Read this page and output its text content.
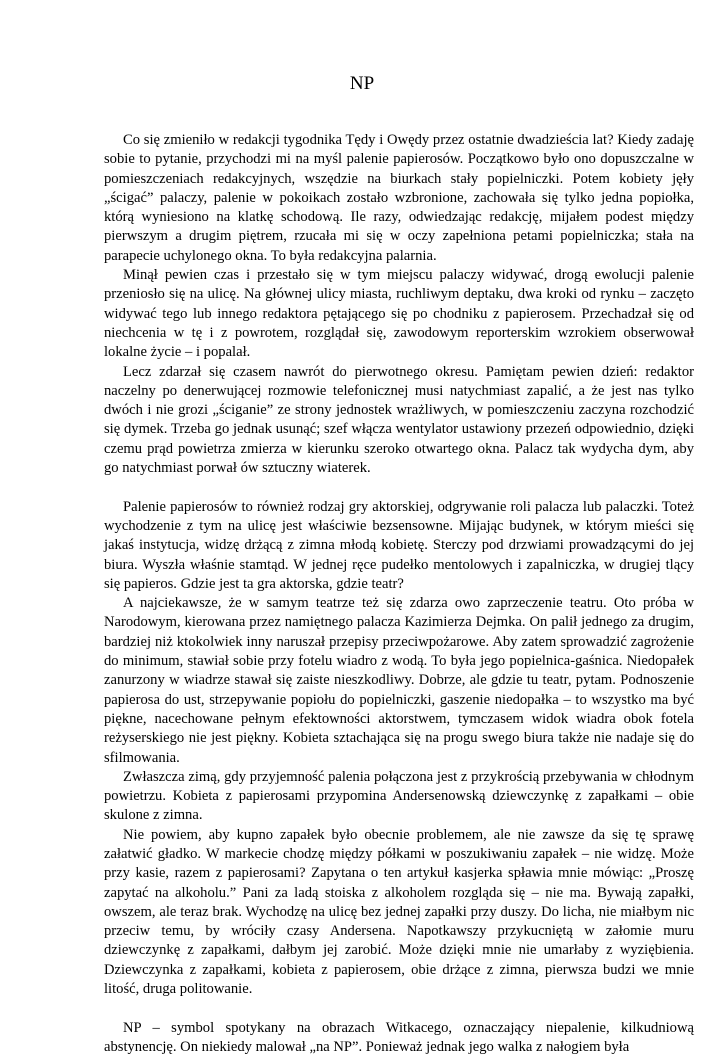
NP

Co się zmieniło w redakcji tygodnika Tędy i Owędy przez ostatnie dwadzieścia lat? Kiedy zadaję sobie to pytanie, przychodzi mi na myśl palenie papierosów. Początkowo było ono dopuszczalne w pomieszczeniach redakcyjnych, wszędzie na biurkach stały popielniczki. Potem kobiety jęły „ścigać” palaczy, palenie w pokoikach zostało wzbronione, zachowała się tylko jedna popiołka, którą wyniesiono na klatkę schodową. Ile razy, odwiedzając redakcję, mijałem podest między pierwszym a drugim piętrem, rzucała mi się w oczy zapełniona petami popielniczka; stała na parapecie uchylonego okna. To była redakcyjna palarnia.

Minął pewien czas i przestało się w tym miejscu palaczy widywać, drogą ewolucji palenie przeniosło się na ulicę. Na głównej ulicy miasta, ruchliwym deptaku, dwa kroki od rynku – zaczęto widywać tego lub innego redaktora pętającego się po chodniku z papierosem. Przechadzał się od niechcenia w tę i z powrotem, rozglądał się, zawodowym reporterskim wzrokiem obserwował lokalne życie – i popalał.

Lecz zdarzał się czasem nawrót do pierwotnego okresu. Pamiętam pewien dzień: redaktor naczelny po denerwującej rozmowie telefonicznej musi natychmiast zapalić, a że jest nas tylko dwóch i nie grozi „ściganie” ze strony jednostek wrażliwych, w pomieszczeniu zaczyna rozchodzić się dymek. Trzeba go jednak usunąć; szef włącza wentylator ustawiony przezeń odpowiednio, dzięki czemu prąd powietrza zmierza w kierunku szeroko otwartego okna. Palacz tak wydycha dym, aby go natychmiast porwał ów sztuczny wiaterek.

Palenie papierosów to również rodzaj gry aktorskiej, odgrywanie roli palacza lub palaczki. Toteż wychodzenie z tym na ulicę jest właściwie bezsensowne. Mijając budynek, w którym mieści się jakaś instytucja, widzę drżącą z zimna młodą kobietę. Sterczy pod drzwiami prowadzącymi do jej biura. Wyszła właśnie stamtąd. W jednej ręce pudełko mentolowych i zapalniczka, w drugiej tlący się papieros. Gdzie jest ta gra aktorska, gdzie teatr?

A najciekawsze, że w samym teatrze też się zdarza owo zaprzeczenie teatru. Oto próba w Narodowym, kierowana przez namiętnego palacza Kazimierza Dejmka. On palił jednego za drugim, bardziej niż ktokolwiek inny naruszał przepisy przeciwpożarowe. Aby zatem sprowadzić zagrożenie do minimum, stawiał sobie przy fotelu wiadro z wodą. To była jego popielnica-gaśnica. Niedopałek zanurzony w wiadrze stawał się zaiste nieszkodliwy. Dobrze, ale gdzie tu teatr, pytam. Podnoszenie papierosa do ust, strzepywanie popiołu do popielniczki, gaszenie niedopałka – to wszystko ma być piękne, nacechowane pełnym efektowności aktorstwem, tymczasem widok wiadra obok fotela reżyserskiego nie jest piękny. Kobieta sztachająca się na progu swego biura także nie nadaje się do sfilmowania.

Zwłaszcza zimą, gdy przyjemność palenia połączona jest z przykrością przebywania w chłodnym powietrzu. Kobieta z papierosami przypomina Andersenowską dziewczynkę z zapałkami – obie skulone z zimna.

Nie powiem, aby kupno zapałek było obecnie problemem, ale nie zawsze da się tę sprawę załatwić gładko. W markecie chodzę między półkami w poszukiwaniu zapałek – nie widzę. Może przy kasie, razem z papierosami? Zapytana o ten artykuł kasjerka spławia mnie mówiąc: „Proszę zapytać na alkoholu.” Pani za ladą stoiska z alkoholem rozgląda się – nie ma. Bywają zapałki, owszem, ale teraz brak. Wychodzę na ulicę bez jednej zapałki przy duszy. Do licha, nie miałbym nic przeciw temu, by wróciły czasy Andersena. Napotkawszy przykucniętą w załomie muru dziewczynkę z zapałkami, dałbym jej zarobić. Może dzięki mnie nie umarłaby z wyziębienia. Dziewczynka z zapałkami, kobieta z papierosem, obie drżące z zimna, pierwsza budzi we mnie litość, druga politowanie.

NP – symbol spotykany na obrazach Witkacego, oznaczający niepalenie, kilkudniową abstynencję. On niekiedy malował „na NP”. Ponieważ jednak jego walka z nałogiem była
